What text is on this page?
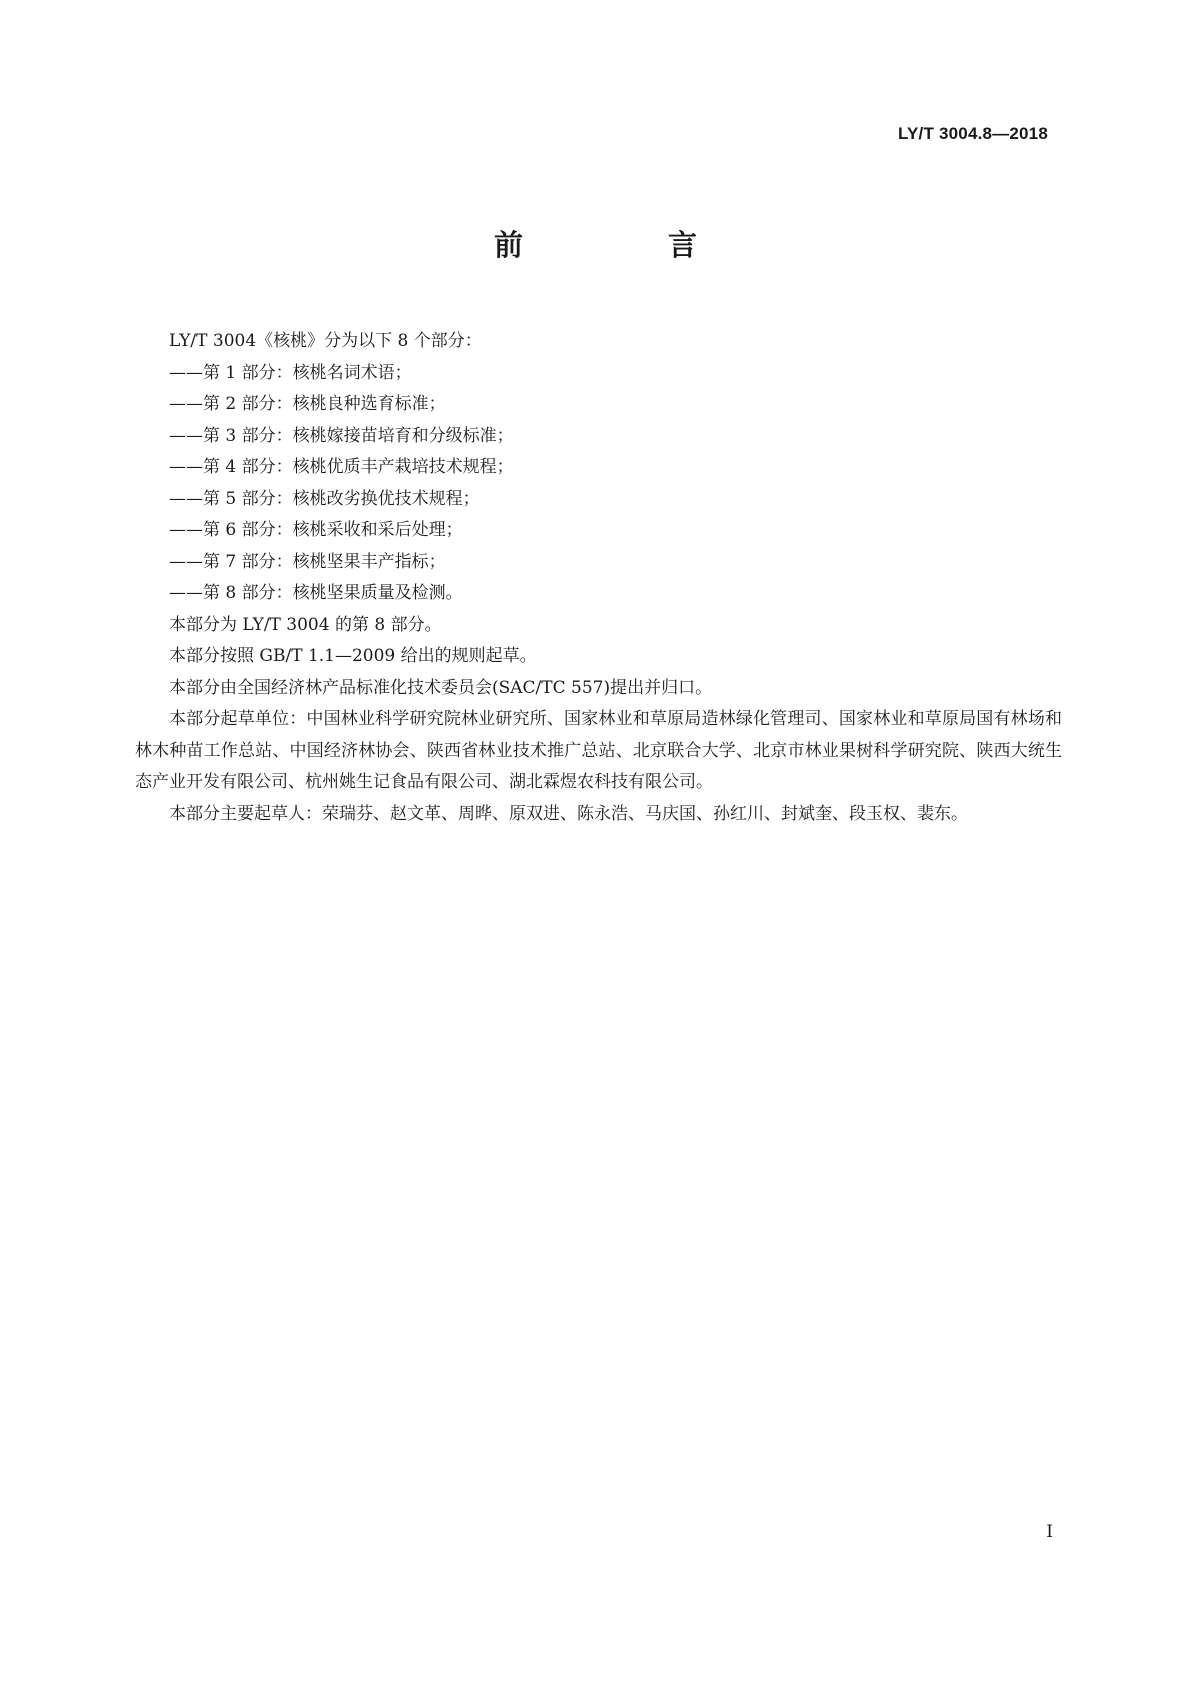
LY/T 3004.8—2018
前　言

LY/T 3004《核桃》分为以下 8 个部分：

——第 1 部分：核桃名词术语；
——第 2 部分：核桃良种选育标准；
——第 3 部分：核桃嫁接苗培育和分级标准；
——第 4 部分：核桃优质丰产栽培技术规程；
——第 5 部分：核桃改劣换优技术规程；
——第 6 部分：核桃采收和采后处理；
——第 7 部分：核桃坚果丰产指标；
——第 8 部分：核桃坚果质量及检测。

本部分为 LY/T 3004 的第 8 部分。

本部分按照 GB/T 1.1—2009 给出的规则起草。

本部分由全国经济林产品标准化技术委员会(SAC/TC 557)提出并归口。

本部分起草单位：中国林业科学研究院林业研究所、国家林业和草原局造林绿化管理司、国家林业和草原局国有林场和林木种苗工作总站、中国经济林协会、陕西省林业技术推广总站、北京联合大学、北京市林业果树科学研究院、陕西大统生态产业开发有限公司、杭州姚生记食品有限公司、湖北霖煜农科技有限公司。

本部分主要起草人：荣瑞芬、赵文革、周晔、原双进、陈永浩、马庆国、孙红川、封斌奎、段玉权、裴东。

I
